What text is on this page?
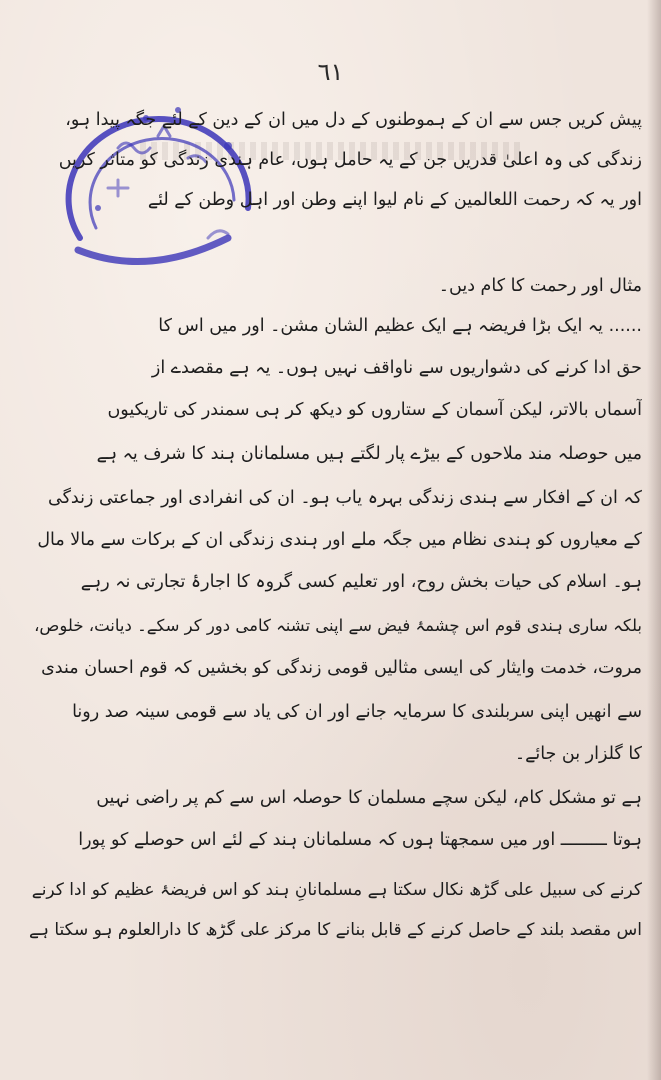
٦١
پیش کریں جس سے ان کے ہموطنوں کے دل میں ان کے دین کے لئے جگہ پیدا ہو،
زندگی کی وہ اعلیٰ قدریں جن کے یہ حامل ہوں، عام ہندی زندگی کو متاثر کریں
اور یہ کہ رحمت اللعالمین کے نام لیوا اپنے وطن اور اہل وطن کے لئے
مثال اور رحمت کا کام دیں۔
...... یہ ایک بڑا فریضہ ہے ایک عظیم الشان مشن۔ اور میں اس کا
حق ادا کرنے کی دشواریوں سے ناواقف نہیں ہوں۔ یہ ہے مقصدے از
آسماں بالاتر، لیکن آسمان کے ستاروں کو دیکھ کر ہی سمندر کی تاریکیوں
میں حوصلہ مند ملاحوں کے بیڑے پار لگتے ہیں مسلمانان ہند کا شرف یہ ہے
کہ ان کے افکار سے ہندی زندگی بہرہ یاب ہو۔ ان کی انفرادی اور جماعتی زندگی
کے معیاروں کو ہندی نظام میں جگہ ملے اور ہندی زندگی ان کے برکات سے مالا مال
ہو۔ اسلام کی حیات بخش روح، اور تعلیم کسی گروہ کا اجارۂ تجارتی نہ رہے
بلکہ ساری ہندی قوم اس چشمۂ فیض سے اپنی تشنہ کامی دور کر سکے۔ دیانت، خلوص،
مروت، خدمت وایثار کی ایسی مثالیں قومی زندگی کو بخشیں کہ قوم احسان مندی
سے انھیں اپنی سربلندی کا سرمایہ جانے اور ان کی یاد سے قومی سینہ صد رونا
کا گلزار بن جائے۔
ہے تو مشکل کام، لیکن سچے مسلمان کا حوصلہ اس سے کم پر راضی نہیں
ہوتا ـــــــــ اور میں سمجھتا ہوں کہ مسلمانان ہند کے لئے اس حوصلے کو پورا
کرنے کی سبیل علی گڑھ نکال سکتا ہے مسلمانانِ ہند کو اس فریضۂ عظیم کو ادا کرنے
اس مقصد بلند کے حاصل کرنے کے قابل بنانے کا مرکز علی گڑھ کا دارالعلوم ہو سکتا ہے
